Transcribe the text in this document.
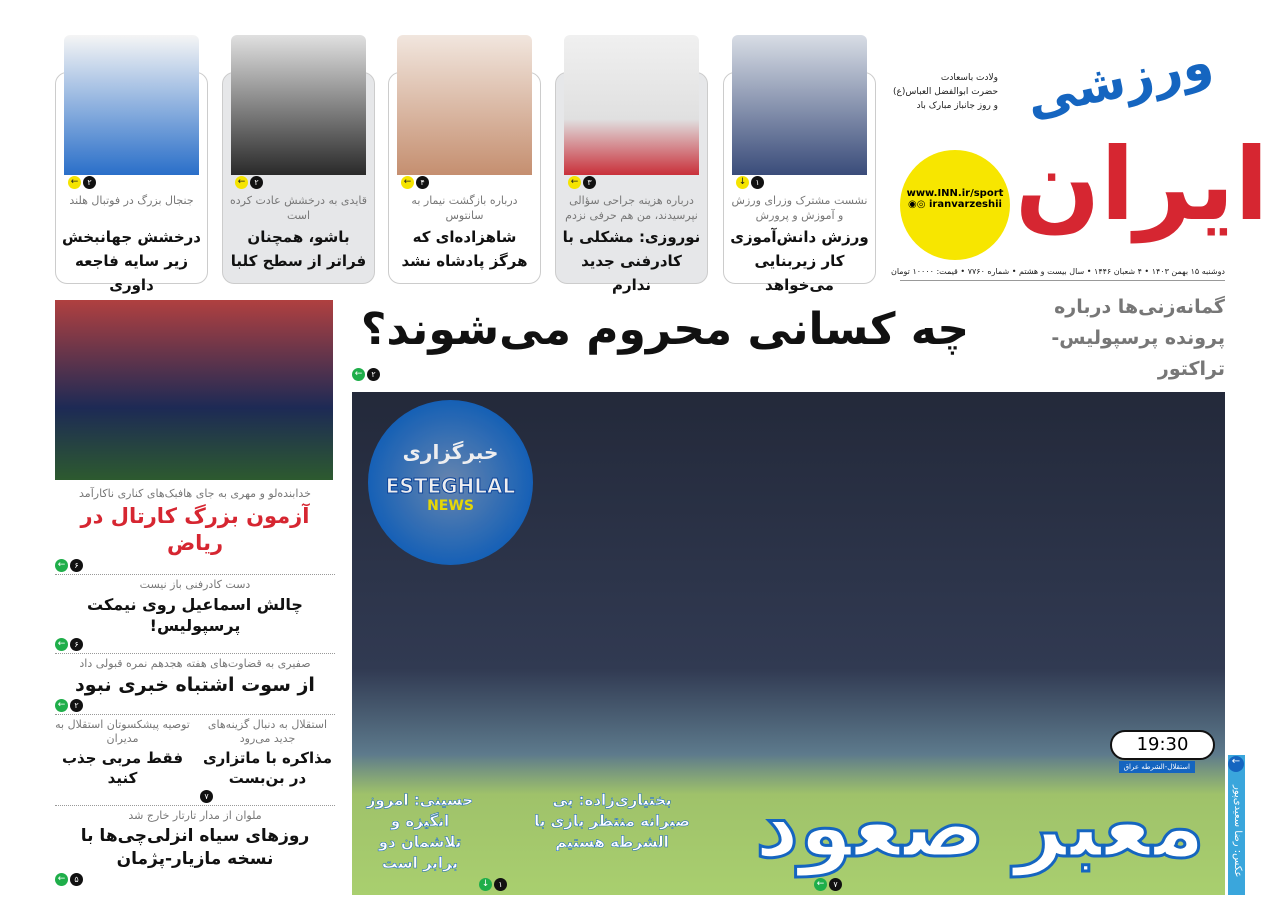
ولادت باسعادت
حضرت ابوالفضل العباس(ع)
و روز جانباز مبارک باد ورزشی
ایران
www.INN.ir/sport
◉◎ iranvarzeshii
دوشنبه ۱۵ بهمن ۱۴۰۳ • ۴ شعبان ۱۴۴۶ • سال بیست و هشتم • شماره ۷۷۶۰ • قیمت: ۱۰۰۰۰ تومان
↓	۱
نشست مشترک وزرای ورزش و آموزش و پرورش
ورزش دانش‌آموزی کار زیربنایی می‌خواهد
←	۳
درباره هزینه جراحی سؤالی نپرسیدند، من هم حرفی نزدم
نوروزی: مشکلی با کادرفنی جدید ندارم
←	۴
درباره بازگشت نیمار به سانتوس
شاهزاده‌ای که هرگز پادشاه نشد
←	۲
قایدی به درخشش عادت کرده است
باشو، همچنان فراتر از سطح کلبا
←	۲
جنجال بزرگ در فوتبال هلند
درخشش جهانبخش زیر سایه فاجعه داوری
گمانه‌زنی‌ها درباره پرونده پرسپولیس-تراکتور
چه کسانی محروم می‌شوند؟
←	۲
19:30
استقلال-الشرطه عراق
معبر صعود
بختیاری‌زاده: بی صبرانه منتظر بازی با الشرطه هستیم
حسینی: امروز انگیزه و تلاشمان دو برابر است
↓	۱	←	۷
عکس: رضا سعیدی‌پور
←
خبرگزاری
ESTEGHLAL
NEWS
خدابنده‌لو و مهری به جای هافبک‌های کناری ناکارآمد
آزمون بزرگ کارتال در ریاض
←	۶
دست کادرفنی باز نیست
چالش اسماعیل روی نیمکت پرسپولیس!
←	۶
صفیری به قضاوت‌های هفته هجدهم نمره قبولی داد
از سوت اشتباه خبری نبود
←	۲
استقلال به دنبال گزینه‌های جدید می‌رود
مذاکره با ماتزاری در بن‌بست
۷
توصیه پیشکسوتان استقلال به مدیران
فقط مربی جذب کنید
ملوان از مدار تارتار خارج شد
روزهای سیاه انزلی‌چی‌ها با نسخه مازیار-پژمان
←	۵
